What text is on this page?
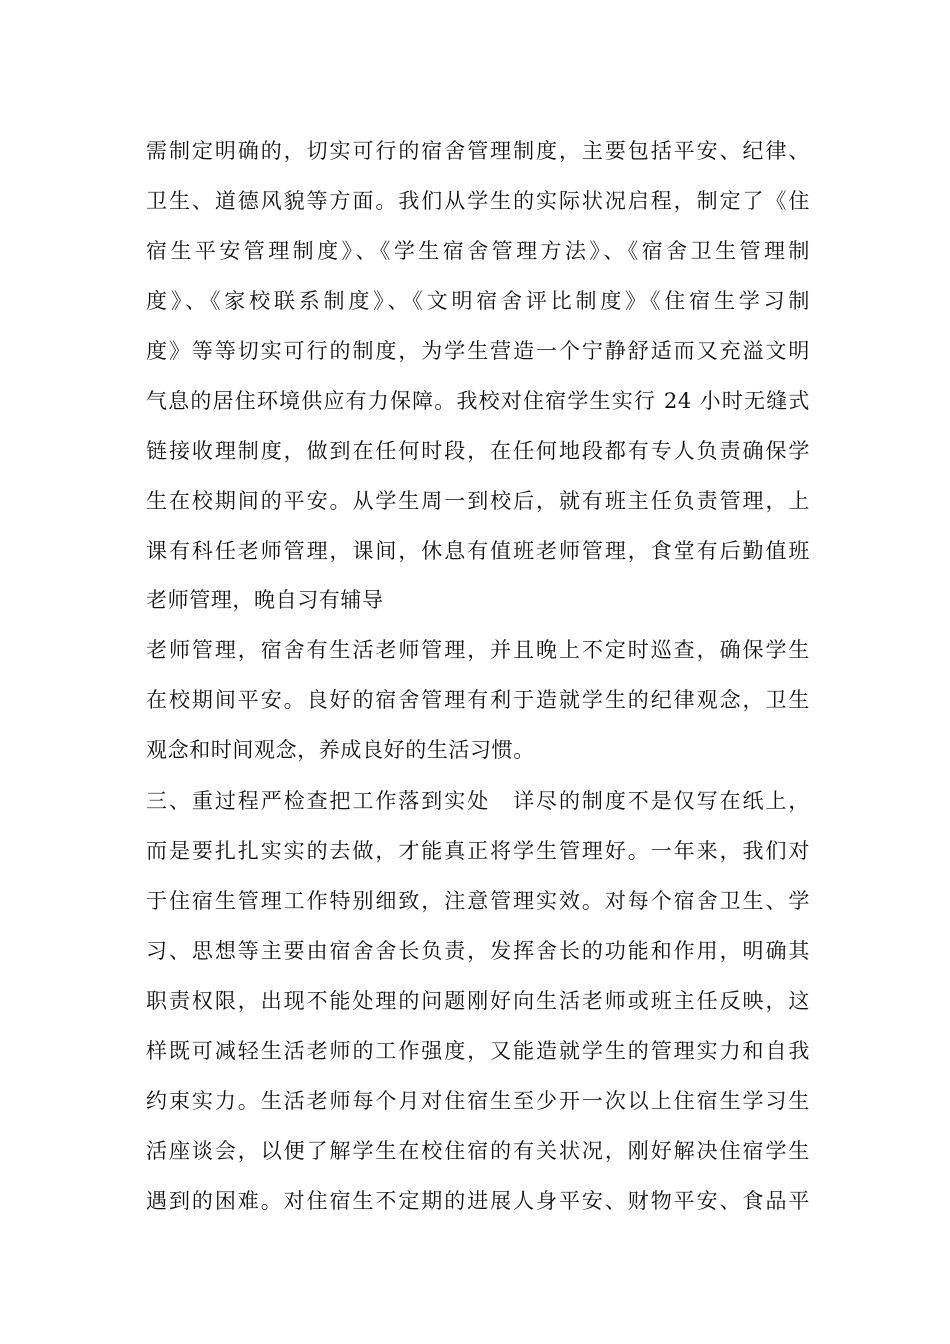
需制定明确的，切实可行的宿舍管理制度，主要包括平安、纪律、
卫生、道德风貌等方面。我们从学生的实际状况启程，制定了《住
宿生平安管理制度》、《学生宿舍管理方法》、《宿舍卫生管理制
度》、《家校联系制度》、《文明宿舍评比制度》《住宿生学习制
度》等等切实可行的制度，为学生营造一个宁静舒适而又充溢文明
气息的居住环境供应有力保障。我校对住宿学生实行 24 小时无缝式
链接收理制度，做到在任何时段，在任何地段都有专人负责确保学
生在校期间的平安。从学生周一到校后，就有班主任负责管理，上
课有科任老师管理，课间，休息有值班老师管理，食堂有后勤值班
老师管理，晚自习有辅导
老师管理，宿舍有生活老师管理，并且晚上不定时巡查，确保学生
在校期间平安。良好的宿舍管理有利于造就学生的纪律观念，卫生
观念和时间观念，养成良好的生活习惯。
三、重过程严检查把工作落到实处　详尽的制度不是仅写在纸上，
而是要扎扎实实的去做，才能真正将学生管理好。一年来，我们对
于住宿生管理工作特别细致，注意管理实效。对每个宿舍卫生、学
习、思想等主要由宿舍舍长负责，发挥舍长的功能和作用，明确其
职责权限，出现不能处理的问题刚好向生活老师或班主任反映，这
样既可减轻生活老师的工作强度，又能造就学生的管理实力和自我
约束实力。生活老师每个月对住宿生至少开一次以上住宿生学习生
活座谈会，以便了解学生在校住宿的有关状况，刚好解决住宿学生
遇到的困难。对住宿生不定期的进展人身平安、财物平安、食品平
